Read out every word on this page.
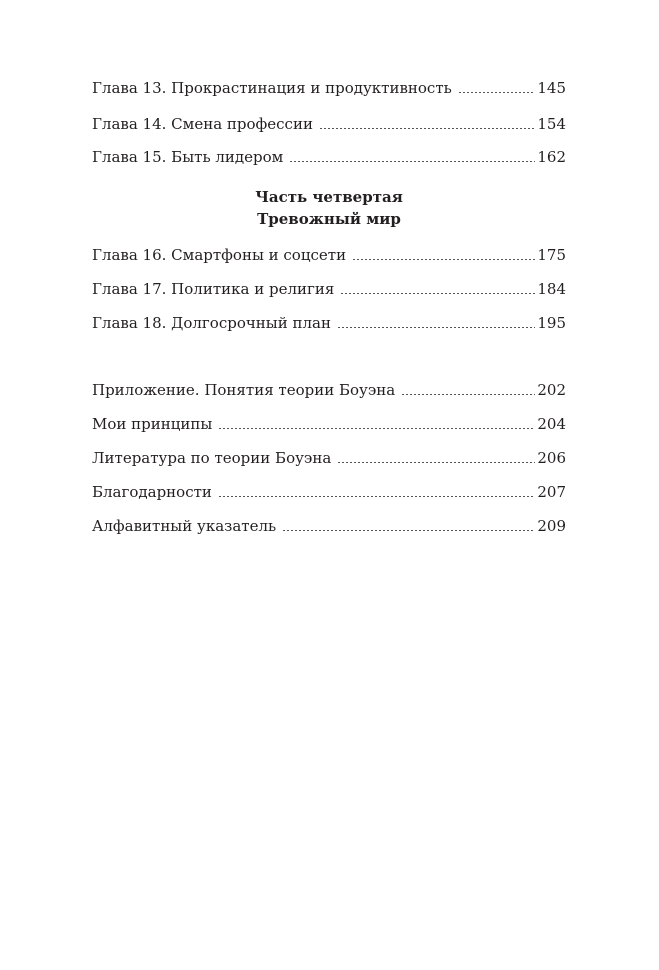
Глава 13. Прокрастинация и продуктивность	145
Глава 14. Смена профессии	154
Глава 15. Быть лидером	162
Часть четвертая
Тревожный мир
Глава 16. Смартфоны и соцсети	175
Глава 17. Политика и религия	184
Глава 18. Долгосрочный план	195
Приложение. Понятия теории Боуэна	202
Мои принципы	204
Литература по теории Боуэна	206
Благодарности	207
Алфавитный указатель	209
